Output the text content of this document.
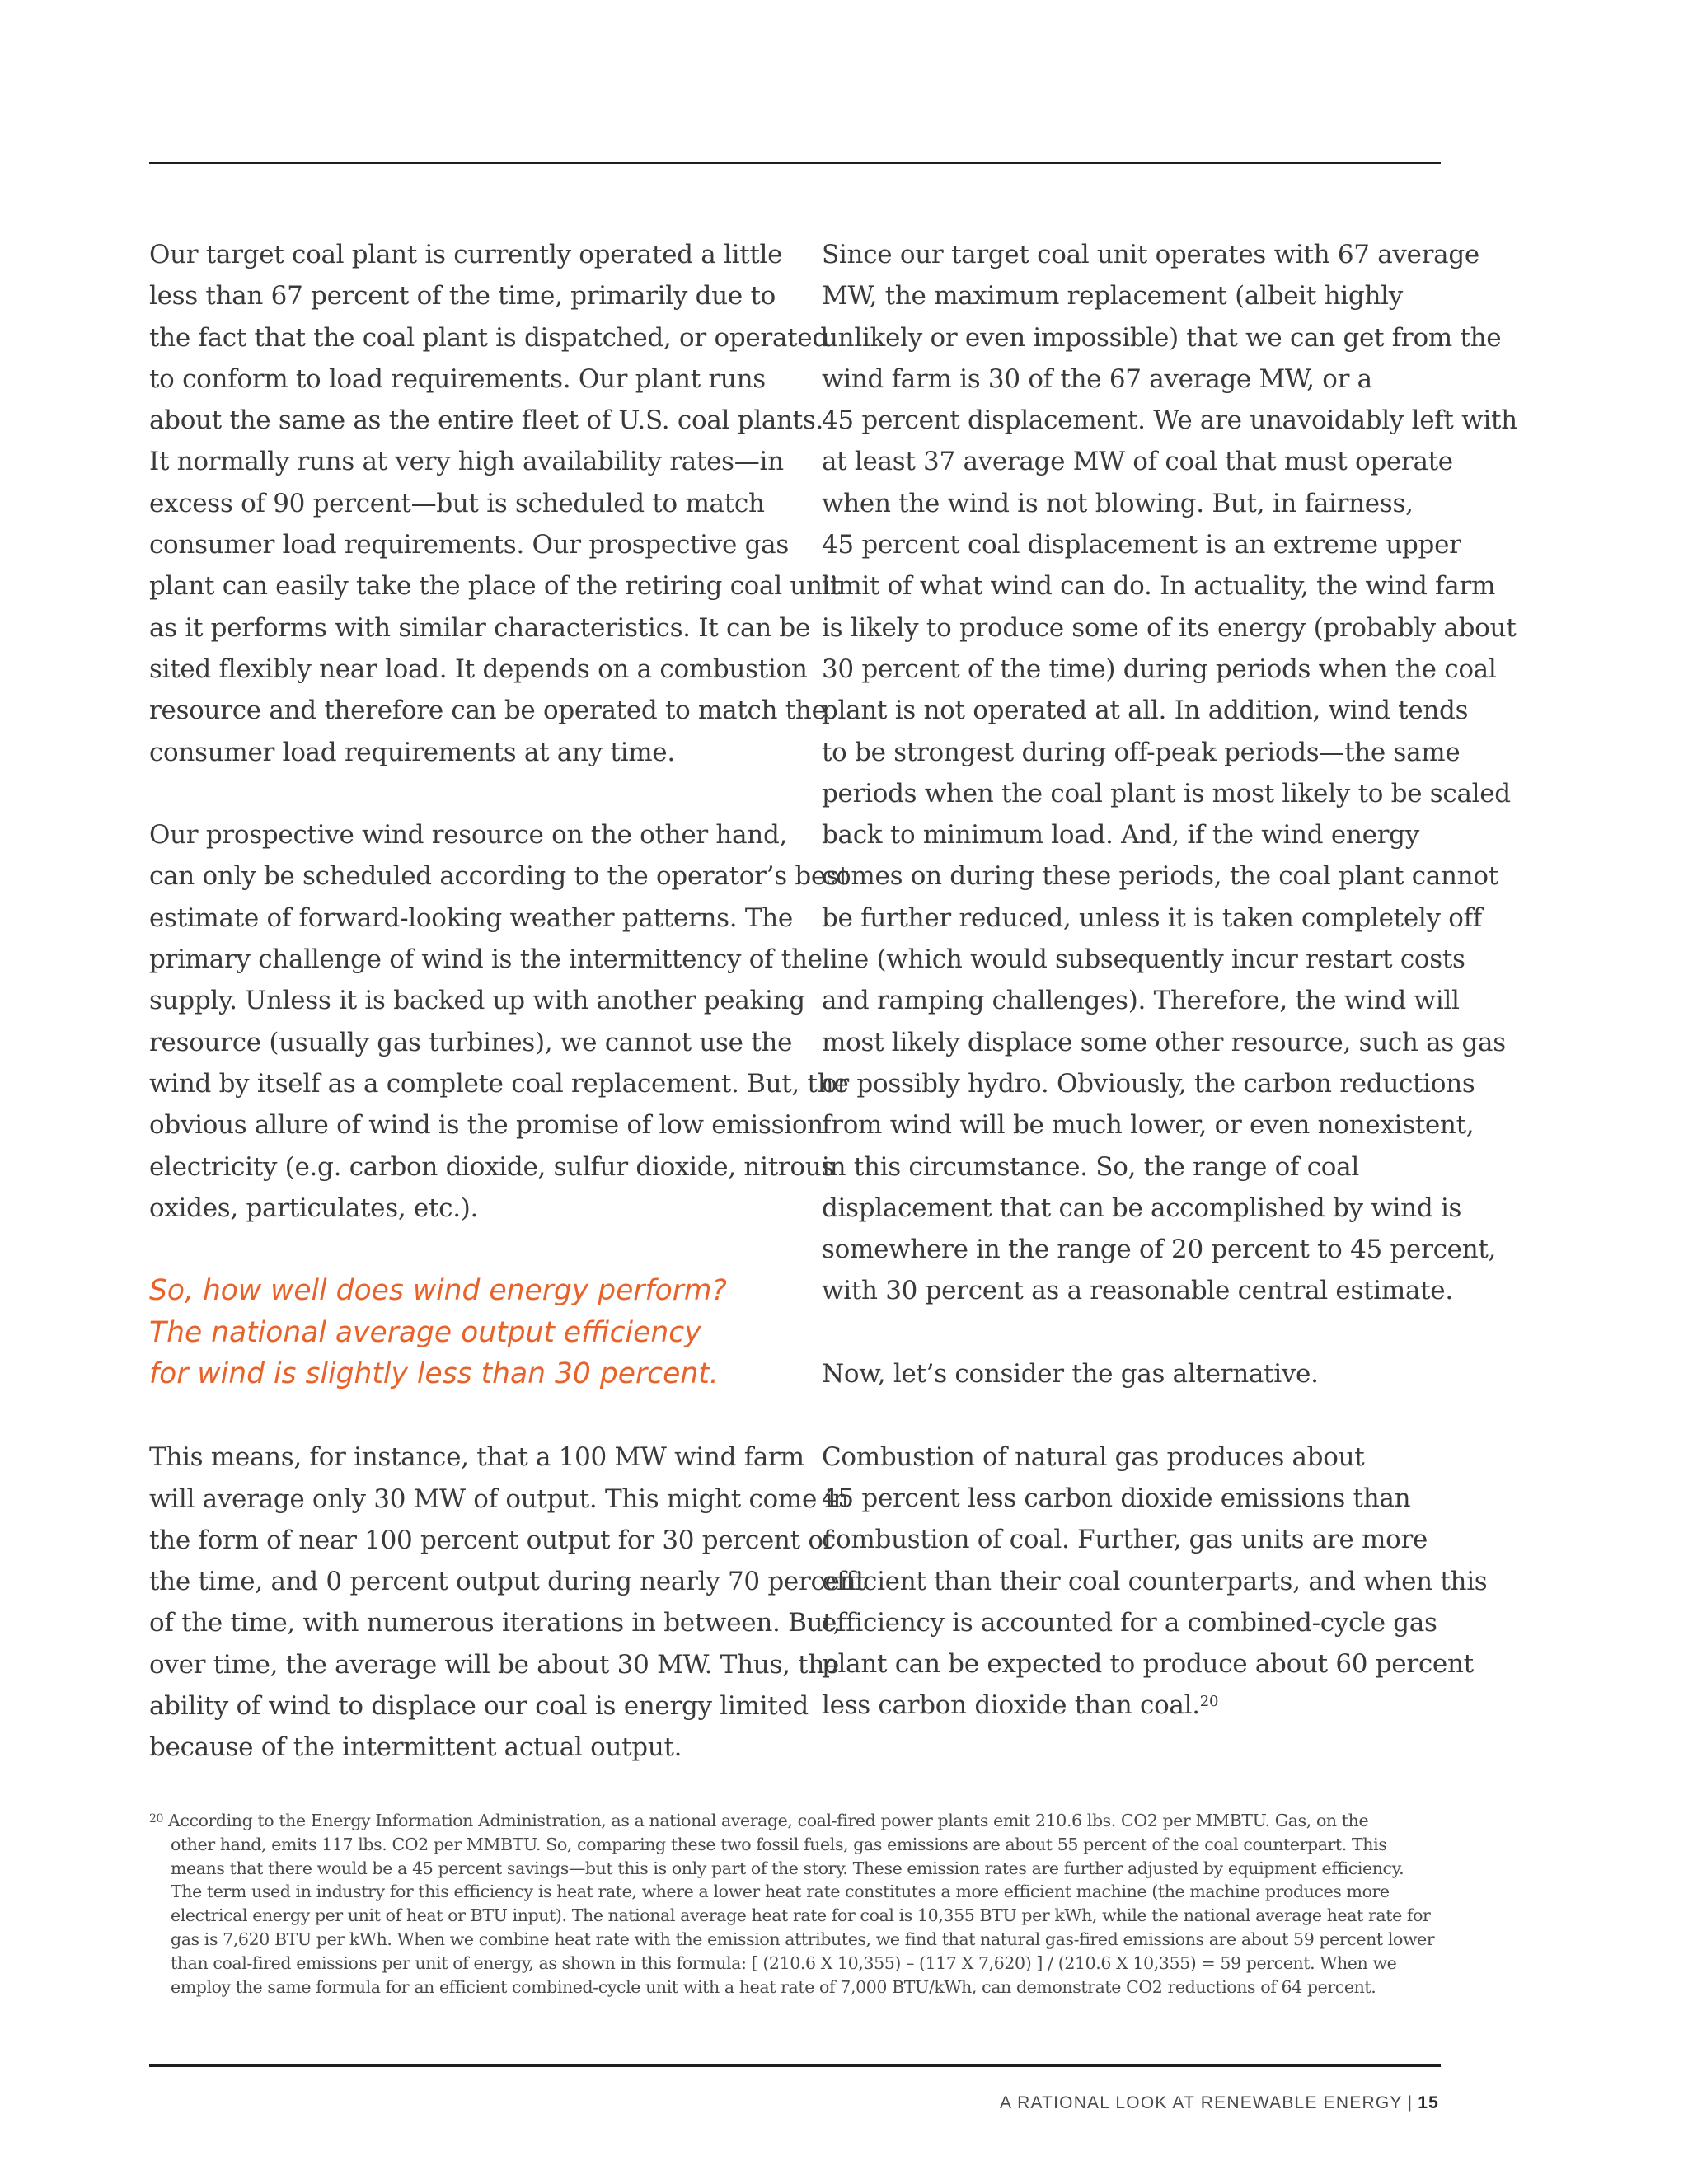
Our target coal plant is currently operated a little
less than 67 percent of the time, primarily due to
the fact that the coal plant is dispatched, or operated
to conform to load requirements. Our plant runs
about the same as the entire fleet of U.S. coal plants.
It normally runs at very high availability rates—in
excess of 90 percent—but is scheduled to match
consumer load requirements. Our prospective gas
plant can easily take the place of the retiring coal unit
as it performs with similar characteristics. It can be
sited flexibly near load. It depends on a combustion
resource and therefore can be operated to match the
consumer load requirements at any time.

Our prospective wind resource on the other hand,
can only be scheduled according to the operator’s best
estimate of forward-looking weather patterns. The
primary challenge of wind is the intermittency of the
supply. Unless it is backed up with another peaking
resource (usually gas turbines), we cannot use the
wind by itself as a complete coal replacement. But, the
obvious allure of wind is the promise of low emission
electricity (e.g. carbon dioxide, sulfur dioxide, nitrous
oxides, particulates, etc.).

So, how well does wind energy perform?
The national average output efficiency
for wind is slightly less than 30 percent.

This means, for instance, that a 100 MW wind farm
will average only 30 MW of output. This might come in
the form of near 100 percent output for 30 percent of
the time, and 0 percent output during nearly 70 percent
of the time, with numerous iterations in between. But,
over time, the average will be about 30 MW. Thus, the
ability of wind to displace our coal is energy limited
because of the intermittent actual output.

Since our target coal unit operates with 67 average
MW, the maximum replacement (albeit highly
unlikely or even impossible) that we can get from the
wind farm is 30 of the 67 average MW, or a
45 percent displacement. We are unavoidably left with
at least 37 average MW of coal that must operate
when the wind is not blowing. But, in fairness,
45 percent coal displacement is an extreme upper
limit of what wind can do. In actuality, the wind farm
is likely to produce some of its energy (probably about
30 percent of the time) during periods when the coal
plant is not operated at all. In addition, wind tends
to be strongest during off-peak periods—the same
periods when the coal plant is most likely to be scaled
back to minimum load. And, if the wind energy
comes on during these periods, the coal plant cannot
be further reduced, unless it is taken completely off
line (which would subsequently incur restart costs
and ramping challenges). Therefore, the wind will
most likely displace some other resource, such as gas
or possibly hydro. Obviously, the carbon reductions
from wind will be much lower, or even nonexistent,
in this circumstance. So, the range of coal
displacement that can be accomplished by wind is
somewhere in the range of 20 percent to 45 percent,
with 30 percent as a reasonable central estimate.

Now, let’s consider the gas alternative.

Combustion of natural gas produces about
45 percent less carbon dioxide emissions than
combustion of coal. Further, gas units are more
efficient than their coal counterparts, and when this
efficiency is accounted for a combined-cycle gas
plant can be expected to produce about 60 percent
less carbon dioxide than coal.$^{20}$

$^{20}$ According to the Energy Information Administration, as a national average, coal-fired power plants emit 210.6 lbs. CO2 per MMBTU. Gas, on the
other hand, emits 117 lbs. CO2 per MMBTU. So, comparing these two fossil fuels, gas emissions are about 55 percent of the coal counterpart. This
means that there would be a 45 percent savings—but this is only part of the story. These emission rates are further adjusted by equipment efficiency.
The term used in industry for this efficiency is heat rate, where a lower heat rate constitutes a more efficient machine (the machine produces more
electrical energy per unit of heat or BTU input). The national average heat rate for coal is 10,355 BTU per kWh, while the national average heat rate for
gas is 7,620 BTU per kWh. When we combine heat rate with the emission attributes, we find that natural gas-fired emissions are about 59 percent lower
than coal-fired emissions per unit of energy, as shown in this formula: [ (210.6 X 10,355) – (117 X 7,620) ] / (210.6 X 10,355) = 59 percent. When we
employ the same formula for an efficient combined-cycle unit with a heat rate of 7,000 BTU/kWh, can demonstrate CO2 reductions of 64 percent.
A RATIONAL LOOK AT RENEWABLE ENERGY | 15
